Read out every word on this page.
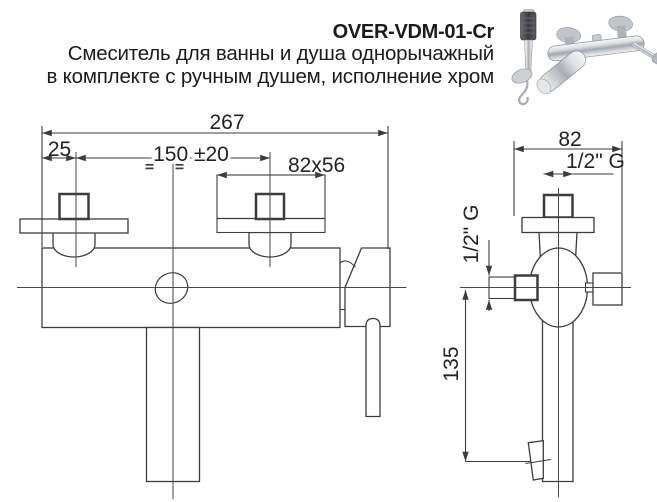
OVER-VDM-01-Cr
Смеситель для ванны и душа однорычажный
в комплекте с ручным душем, исполнение хром
267
25	150 ±20	82x56
82
1/2" G
1/2" G
135
